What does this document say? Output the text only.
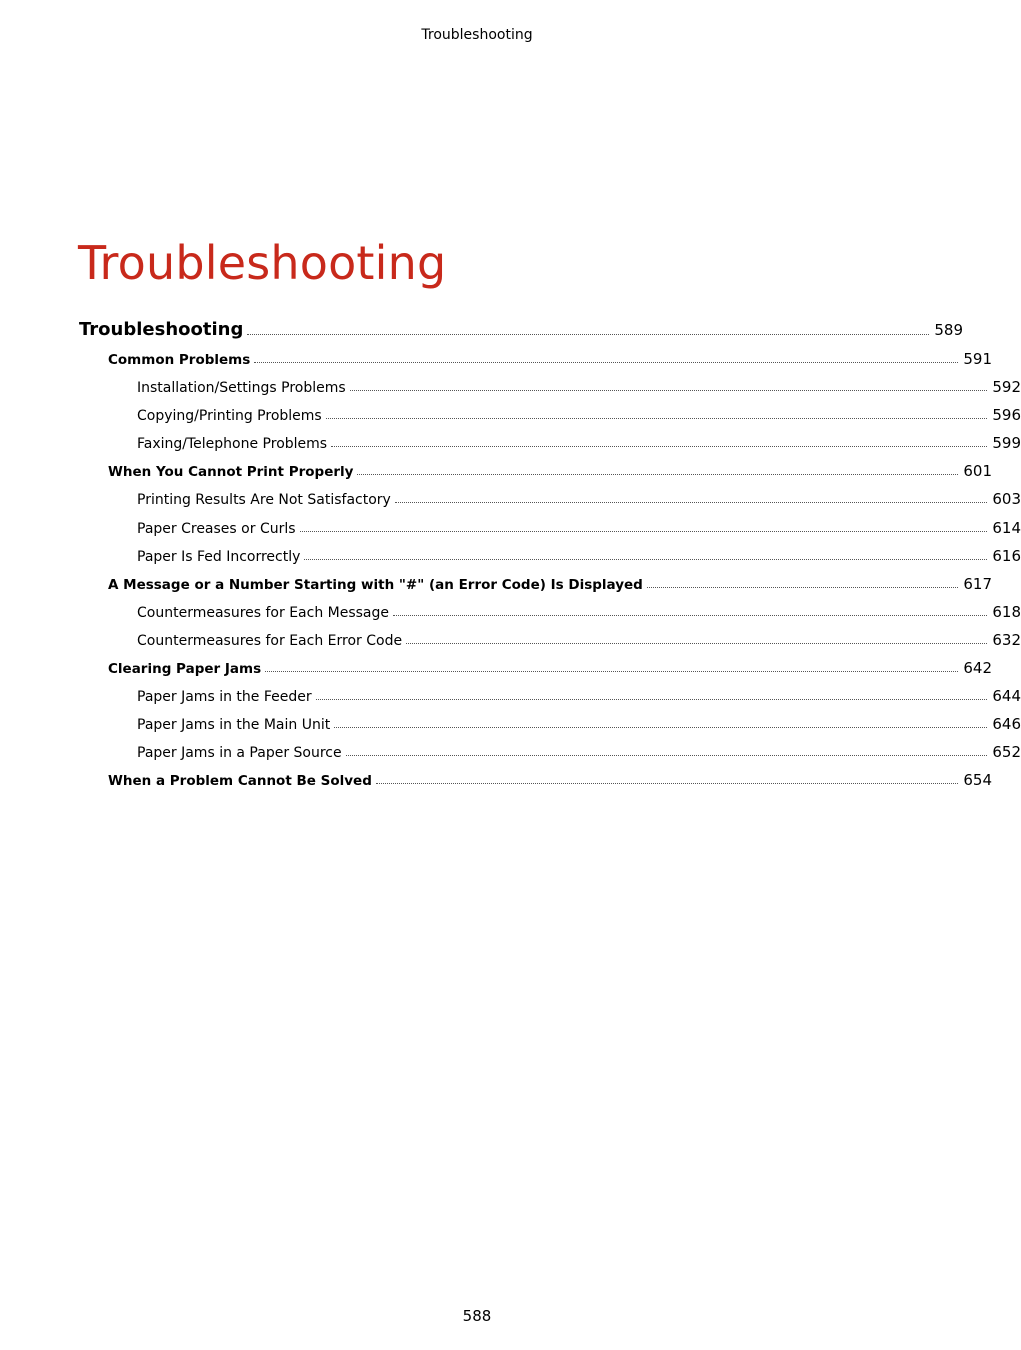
Troubleshooting
Troubleshooting
Troubleshooting	589
Common Problems	591
Installation/Settings Problems	592
Copying/Printing Problems	596
Faxing/Telephone Problems	599
When You Cannot Print Properly	601
Printing Results Are Not Satisfactory	603
Paper Creases or Curls	614
Paper Is Fed Incorrectly	616
A Message or a Number Starting with "#" (an Error Code) Is Displayed	617
Countermeasures for Each Message	618
Countermeasures for Each Error Code	632
Clearing Paper Jams	642
Paper Jams in the Feeder	644
Paper Jams in the Main Unit	646
Paper Jams in a Paper Source	652
When a Problem Cannot Be Solved	654
588
